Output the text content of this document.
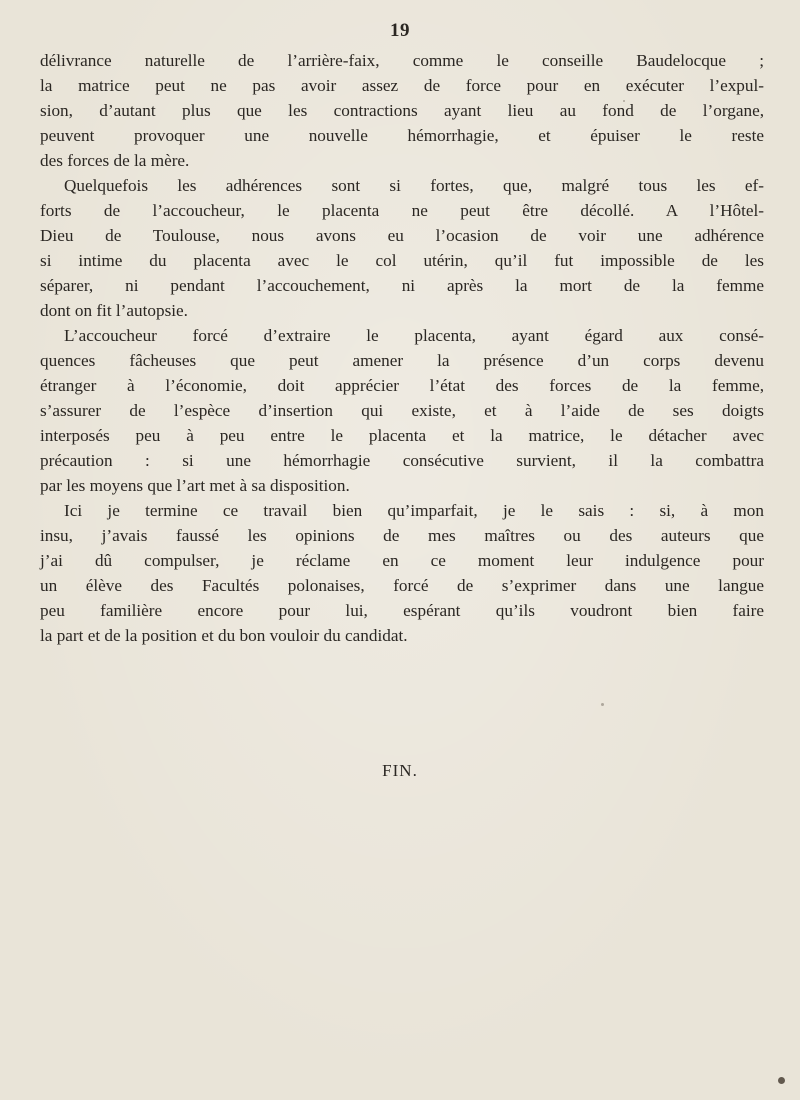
19
délivrance naturelle de l’arrière-faix, comme le conseille Baudelocque ;
la matrice peut ne pas avoir assez de force pour en exécuter l’expul-
sion, d’autant plus que les contractions ayant lieu au fond de l’organe,
peuvent provoquer une nouvelle hémorrhagie, et épuiser le reste
des forces de la mère.
Quelquefois les adhérences sont si fortes, que, malgré tous les ef-
forts de l’accoucheur, le placenta ne peut être décollé. A l’Hôtel-
Dieu de Toulouse, nous avons eu l’ocasion de voir une adhérence
si intime du placenta avec le col utérin, qu’il fut impossible de les
séparer, ni pendant l’accouchement, ni après la mort de la femme
dont on fit l’autopsie.
L’accoucheur forcé d’extraire le placenta, ayant égard aux consé-
quences fâcheuses que peut amener la présence d’un corps devenu
étranger à l’économie, doit apprécier l’état des forces de la femme,
s’assurer de l’espèce d’insertion qui existe, et à l’aide de ses doigts
interposés peu à peu entre le placenta et la matrice, le détacher avec
précaution : si une hémorrhagie consécutive survient, il la combattra
par les moyens que l’art met à sa disposition.
Ici je termine ce travail bien qu’imparfait, je le sais : si, à mon
insu, j’avais faussé les opinions de mes maîtres ou des auteurs que
j’ai dû compulser, je réclame en ce moment leur indulgence pour
un élève des Facultés polonaises, forcé de s’exprimer dans une langue
peu familière encore pour lui, espérant qu’ils voudront bien faire
la part et de la position et du bon vouloir du candidat.
FIN.
